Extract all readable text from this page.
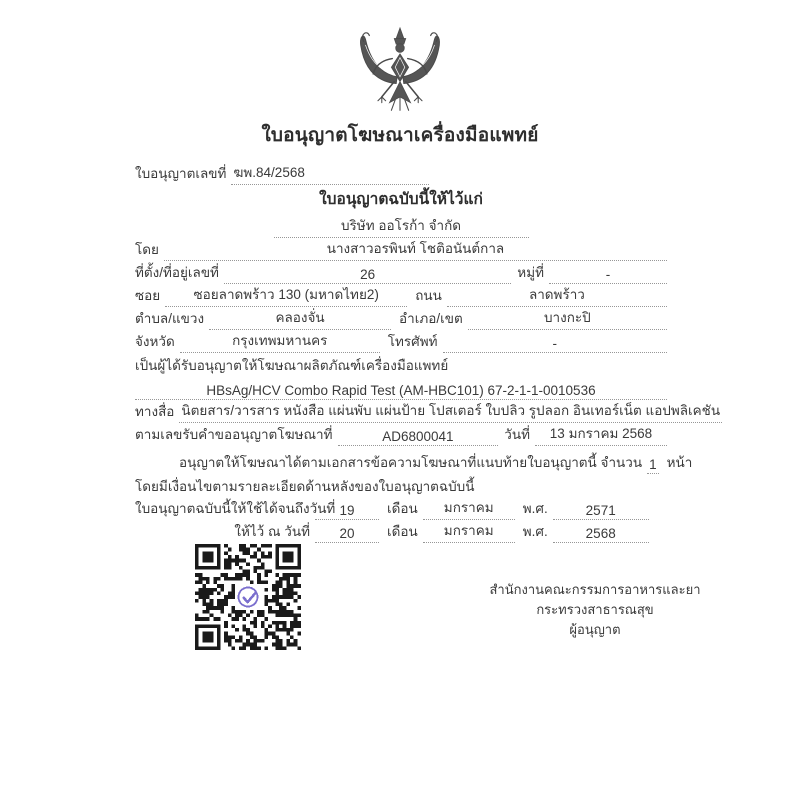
ใบอนุญาตโฆษณาเครื่องมือแพทย์
ใบอนุญาตเลขที่ ฆพ.84/2568
ใบอนุญาตฉบับนี้ให้ไว้แก่
บริษัท ออโรก้า จำกัด
โดย	นางสาวอรพินท์ โชติอนันต์กาล
ที่ตั้ง/ที่อยู่เลขที่	26	หมู่ที่	-
ซอย	ซอยลาดพร้าว 130 (มหาดไทย2)	ถนน	ลาดพร้าว
ตำบล/แขวง	คลองจั่น	อำเภอ/เขต	บางกะปิ
จังหวัด	กรุงเทพมหานคร	โทรศัพท์	-
เป็นผู้ได้รับอนุญาตให้โฆษณาผลิตภัณฑ์เครื่องมือแพทย์
HBsAg/HCV Combo Rapid Test (AM-HBC101) 67-2-1-1-0010536
ทางสื่อ นิตยสาร/วารสาร หนังสือ แผ่นพับ แผ่นป้าย โปสเตอร์ ใบปลิว รูปลอก อินเทอร์เน็ต แอปพลิเคชัน
ตามเลขรับคำขออนุญาตโฆษณาที่	AD6800041	วันที่	13 มกราคม 2568
อนุญาตให้โฆษณาได้ตามเอกสารข้อความโฆษณาที่แนบท้ายใบอนุญาตนี้ จำนวน 1 หน้า
โดยมีเงื่อนไขตามรายละเอียดด้านหลังของใบอนุญาตฉบับนี้
ใบอนุญาตฉบับนี้ให้ใช้ได้จนถึงวันที่ 19	เดือน	มกราคม	พ.ศ.	2571
ให้ไว้ ณ วันที่	20	เดือน	มกราคม	พ.ศ.	2568
สำนักงานคณะกรรมการอาหารและยา
กระทรวงสาธารณสุข
ผู้อนุญาต
